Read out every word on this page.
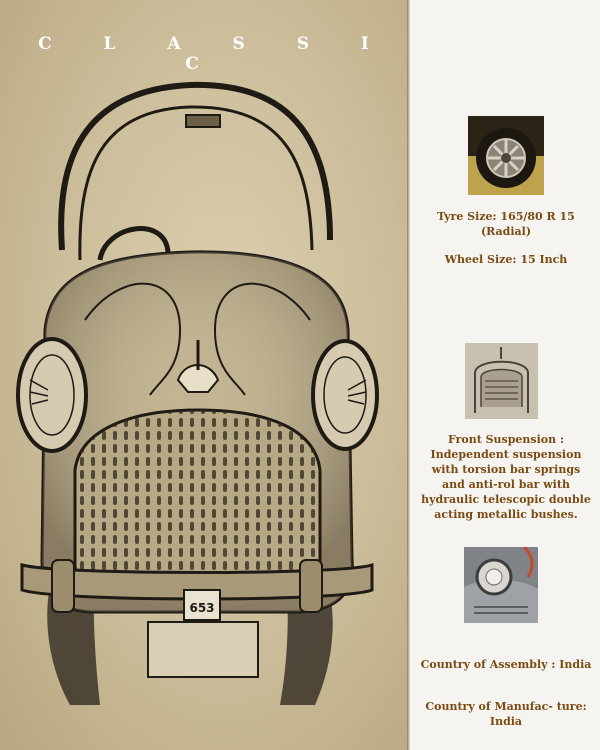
653
C L A S S I C
Tyre Size: 165/80 R 15 (Radial)
Wheel Size: 15 Inch
Front Suspension :
Independent suspension with torsion bar springs and anti-rol bar with hydraulic telescopic double acting metallic bushes.
Country of Assembly : India
Country of Manufac- ture: India
